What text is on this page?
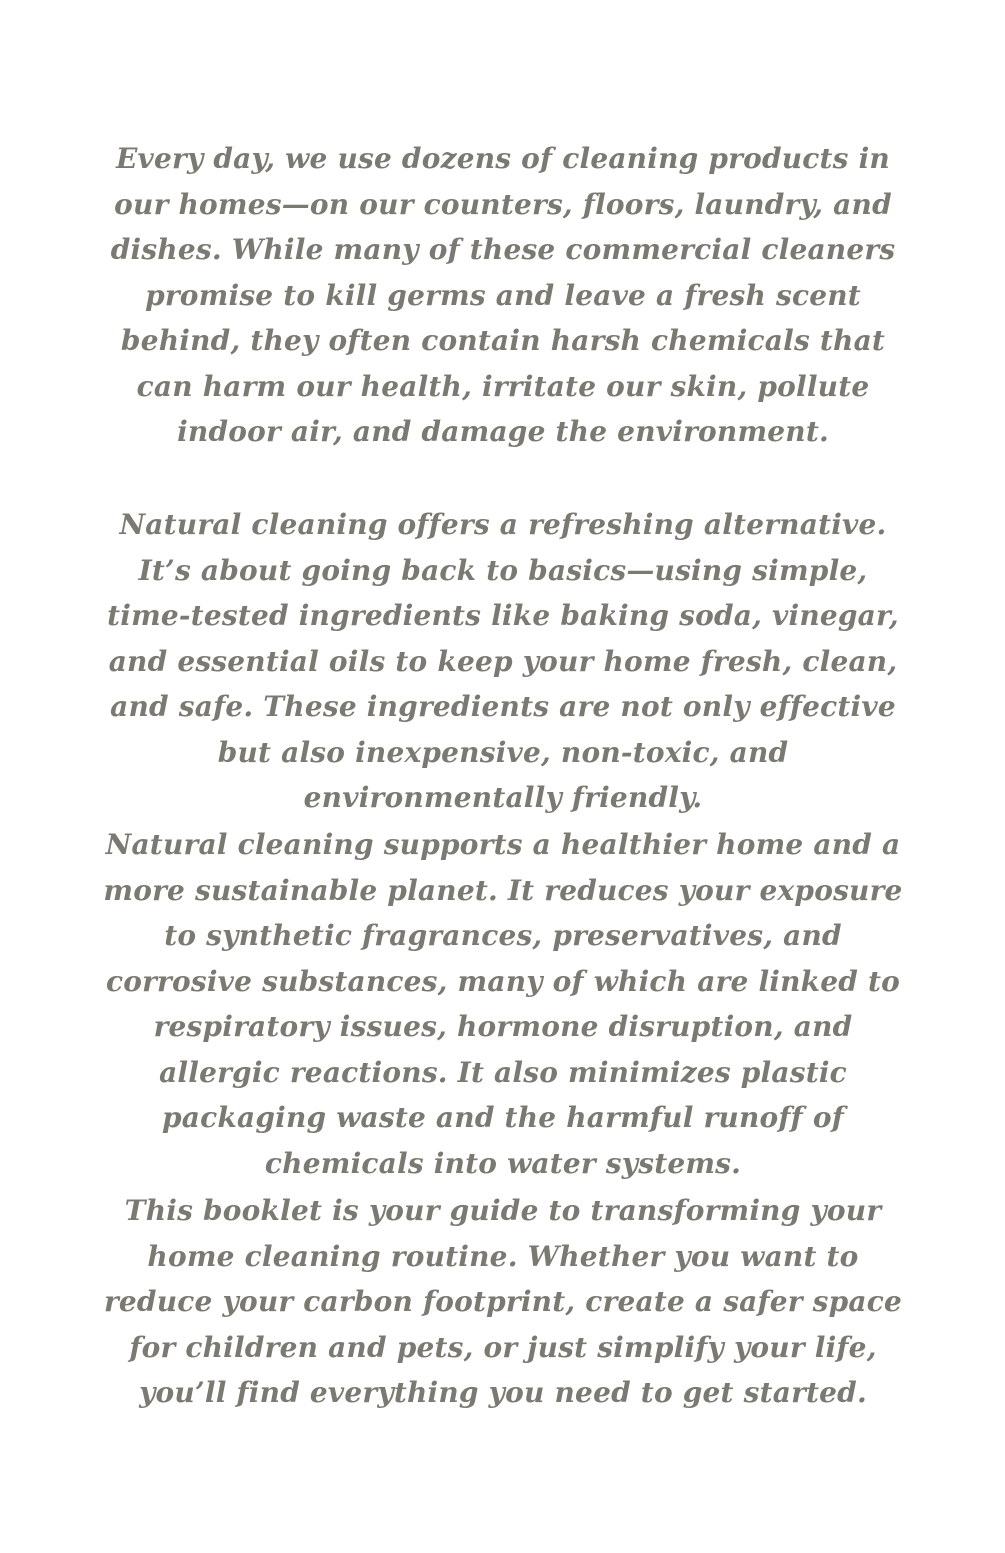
Every day, we use dozens of cleaning products in our homes—on our counters, floors, laundry, and dishes. While many of these commercial cleaners promise to kill germs and leave a fresh scent behind, they often contain harsh chemicals that can harm our health, irritate our skin, pollute indoor air, and damage the environment.

Natural cleaning offers a refreshing alternative. It’s about going back to basics—using simple, time-tested ingredients like baking soda, vinegar, and essential oils to keep your home fresh, clean, and safe. These ingredients are not only effective but also inexpensive, non-toxic, and environmentally friendly.

Natural cleaning supports a healthier home and a more sustainable planet. It reduces your exposure to synthetic fragrances, preservatives, and corrosive substances, many of which are linked to respiratory issues, hormone disruption, and allergic reactions. It also minimizes plastic packaging waste and the harmful runoff of chemicals into water systems.

This booklet is your guide to transforming your home cleaning routine. Whether you want to reduce your carbon footprint, create a safer space for children and pets, or just simplify your life, you’ll find everything you need to get started.
